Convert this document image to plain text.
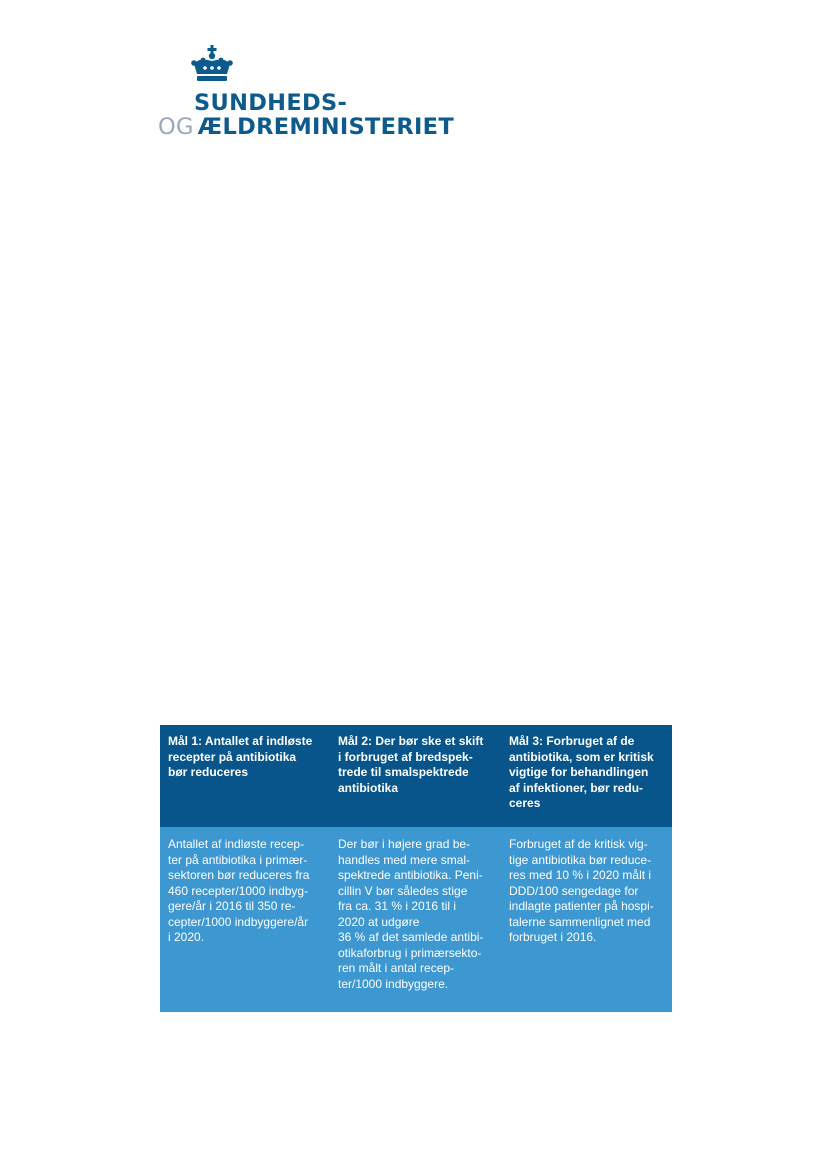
SUNDHEDS-
OG ÆLDREMINISTERIET
Mål 1: Antallet af indløste
recepter på antibiotika
bør reduceres
Mål 2: Der bør ske et skift
i forbruget af bredspek-
trede til smalspektrede
antibiotika
Mål 3: Forbruget af de
antibiotika, som er kritisk
vigtige for behandlingen
af infektioner, bør redu-
ceres
Antallet af indløste recep-
ter på antibiotika i primær-
sektoren bør reduceres fra
460 recepter/1000 indbyg-
gere/år i 2016 til 350 re-
cepter/1000 indbyggere/år
i 2020.
Der bør i højere grad be-
handles med mere smal-
spektrede antibiotika. Peni-
cillin V bør således stige
fra ca. 31 % i 2016 til i
2020 at udgøre
36 % af det samlede antibi-
otikaforbrug i primærsekto-
ren målt i antal recep-
ter/1000 indbyggere.
Forbruget af de kritisk vig-
tige antibiotika bør reduce-
res med 10 % i 2020 målt i
DDD/100 sengedage for
indlagte patienter på hospi-
talerne sammenlignet med
forbruget i 2016.
